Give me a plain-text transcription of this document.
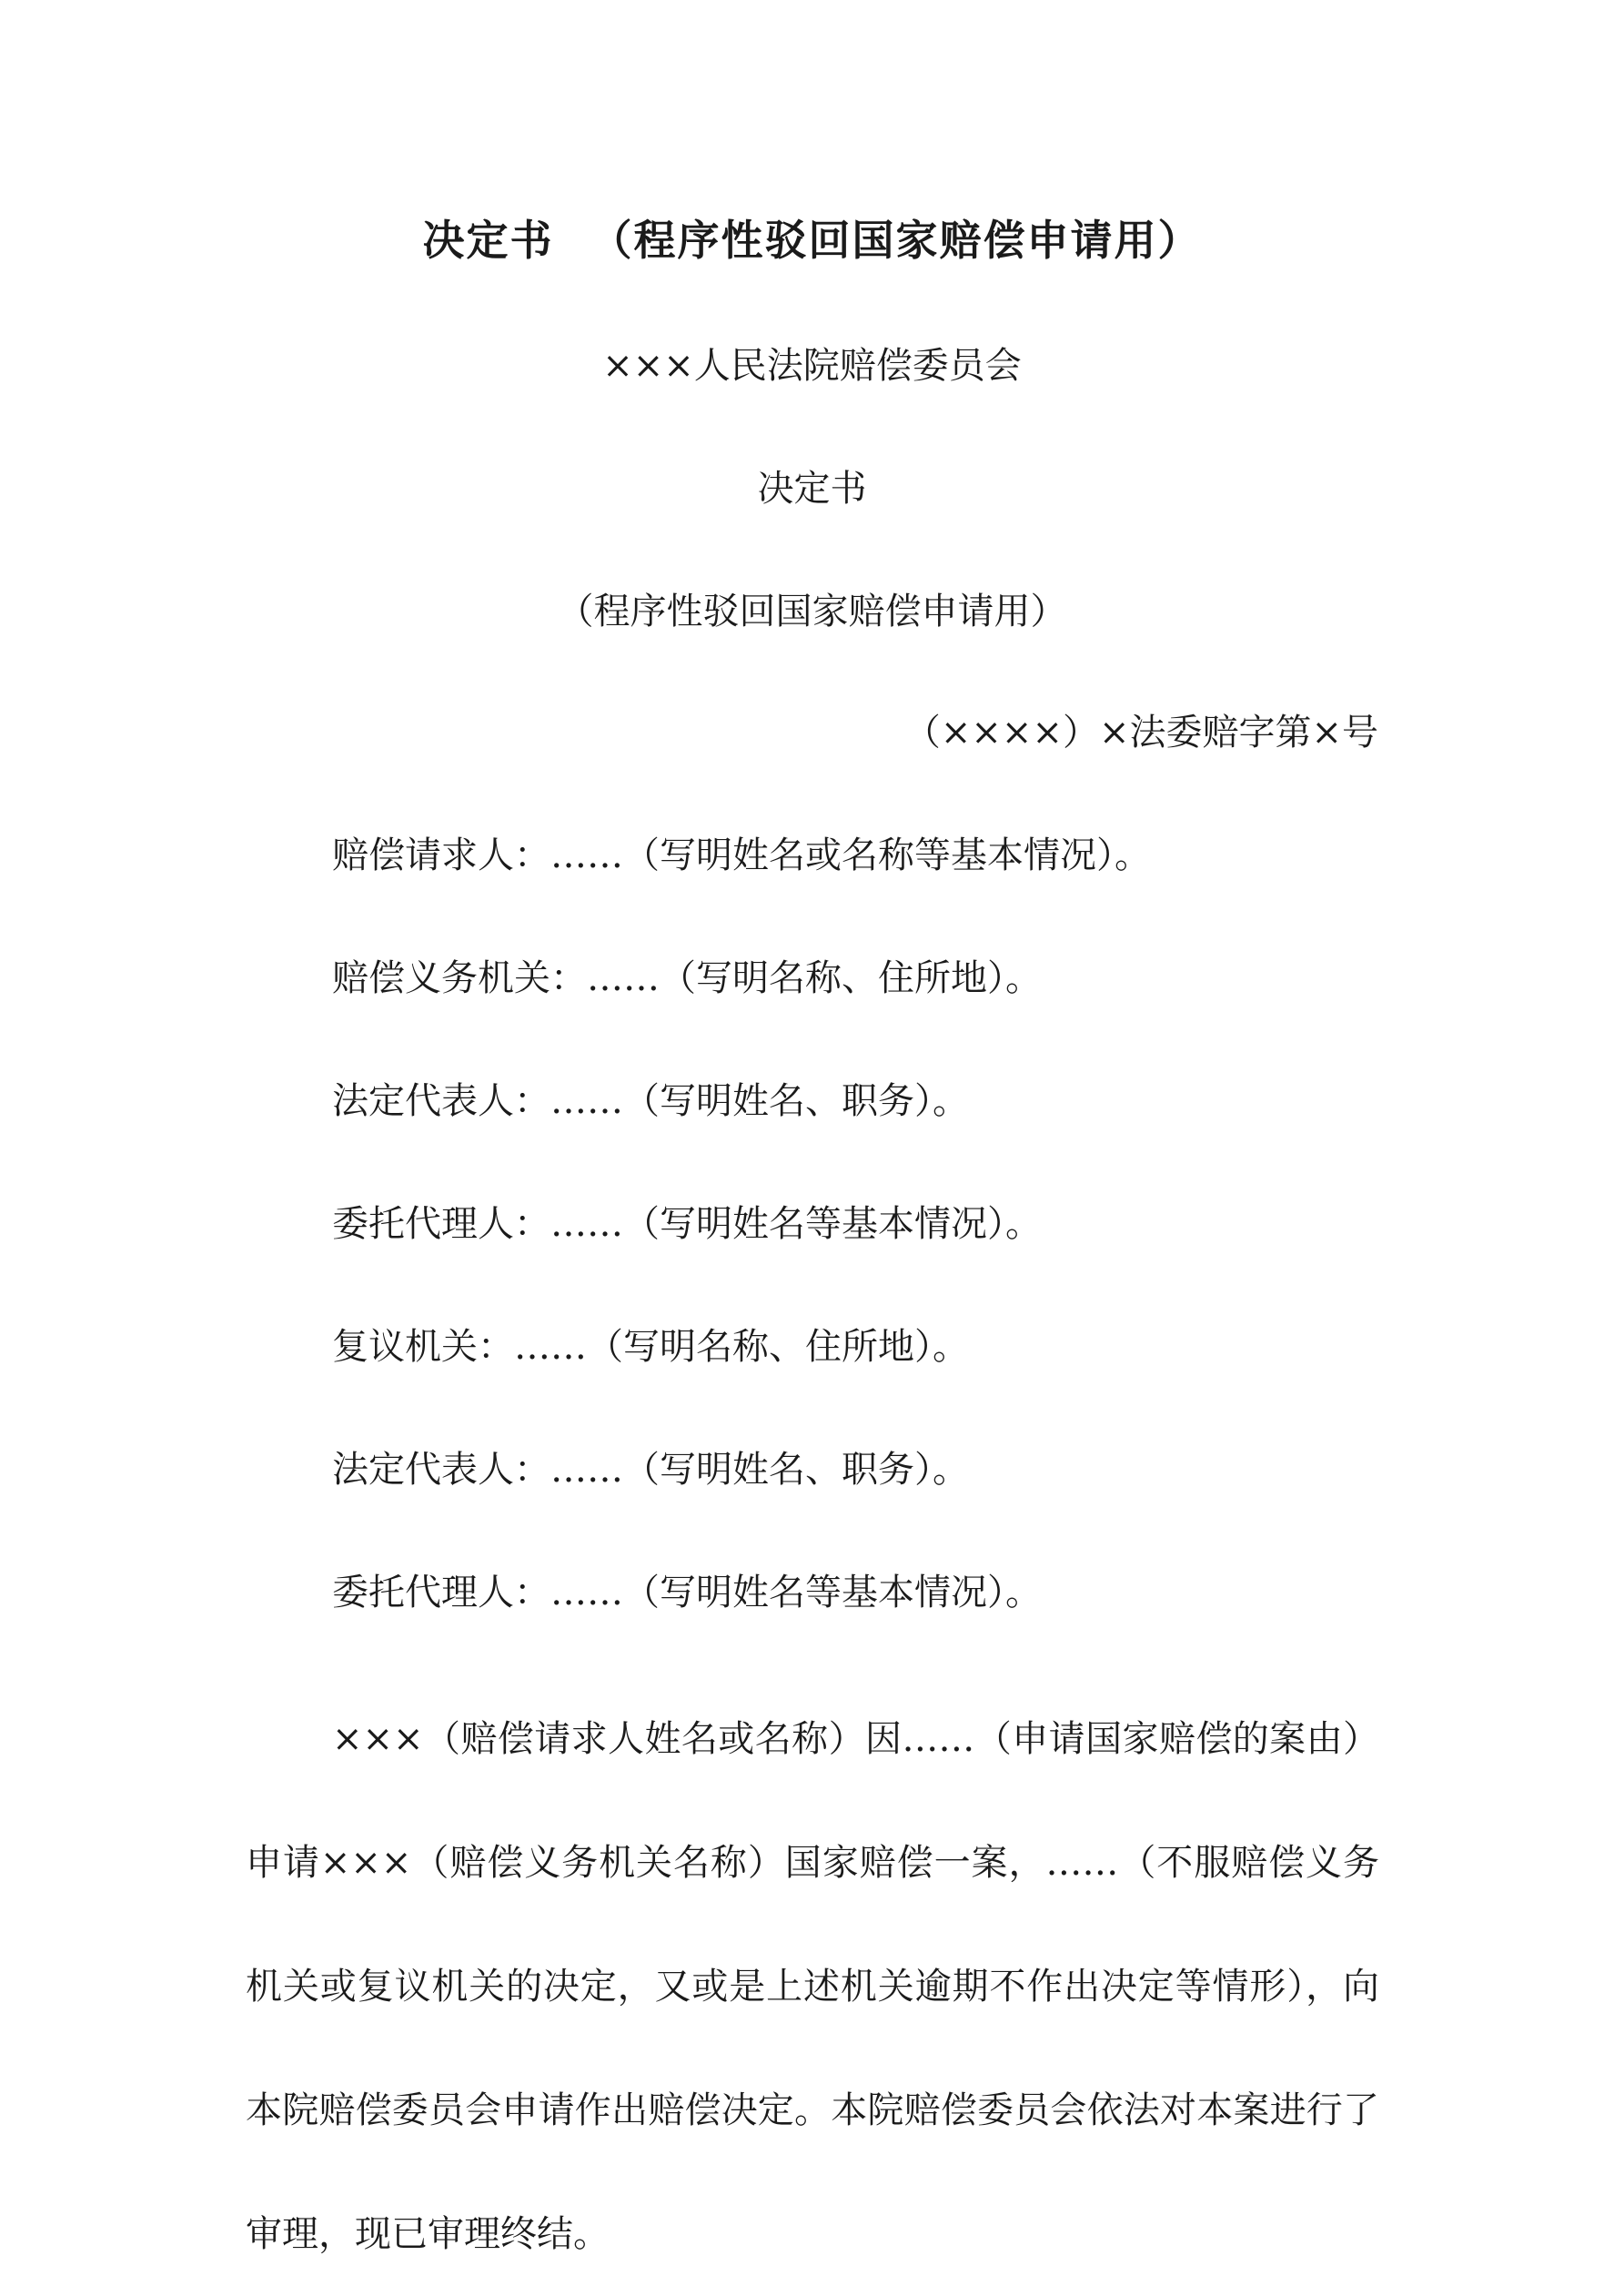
决定书 （程序性驳回国家赔偿申请用）
×××人民法院赔偿委员会
决定书
（程序性驳回国家赔偿申请用）
（××××）×法委赔字第×号
赔偿请求人：……（写明姓名或名称等基本情况）。
赔偿义务机关：……（写明名称、住所地）。
法定代表人：……（写明姓名、职务）。
委托代理人：……（写明姓名等基本情况）。
复议机关：……（写明名称、住所地）。
法定代表人：……（写明姓名、职务）。
委托代理人：……（写明姓名等基本情况）。

×××（赔偿请求人姓名或名称）因……（申请国家赔偿的案由）申请×××（赔偿义务机关名称）国家赔偿一案，……（不服赔偿义务机关或复议机关的决定，又或是上述机关逾期不作出决定等情形），向本院赔偿委员会申请作出赔偿决定。本院赔偿委员会依法对本案进行了审理，现已审理终结。
